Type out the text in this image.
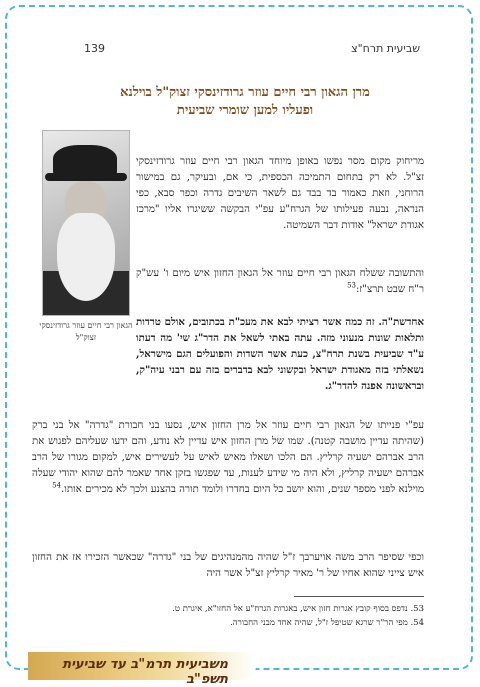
שביעית תרח"צ
139
מרן הגאון רבי חיים עוזר גרודזינסקי זצוק"ל בוילנא
ופעליו למען שומרי שביעית
הגאון רבי חיים עוזר גרודזינסקי זצוק"ל

מריחוק מקום מסר נפשו באופן מיוחד הגאון רבי חיים עוזר גרודזינסקי זצ"ל. לא רק בתחום התמיכה הכספית, כי אם, ובעיקר, גם במישור הרוחני, וזאת כאמור בד בבד גם לשאר השיבים גדרה וכפר סבא, כפי הנראה, נבעה פעילותו של הגרח"ע עפ"י הבקשה ששיגרו אליו "מרכז אגודת ישראל" אודות דבר השמיטה.

והתשובה ששלח הגאון רבי חיים עוזר אל הגאון החזון איש מיום ו' עש"ק ר"ח שבט תרצ"ז:$^{53}$

אחדשת"ה. זה כמה אשר רציתי לבא את מעכ"ת בכתובים, אולם טרדות ותלאות שונות מנעוני מזה. עתה באתי לשאל את הדר"ג שי' מה דעתו ע"ד שביעית בשנת תרח"צ, כעת אשר השדות והפועלים הגם מישראל, נשאלתי בזה מאגודת ישראל ובקשוני לבא בדברים בזה עם רבני עיה"ק, ובראשונה אפנה להדר"ג.

עפ"י פנייתו של הגאון רבי חיים עוזר אל מרן החזון איש, נסעו בני חבורת "גדרה" אל בני ברק (שהיתה עדיין מושבה קטנה). שמו של מרן החזון איש עדיין לא נודע, והם ידעו שעליהם לפגוש את הרב אברהם ישעיה קרליץ. הם הלכו ושאלו מאיש לאיש על לעשירים איש, למקום מגורו של הרב אברהם ישעיה קרליץ, ולא היה מי שידע לענות, עד שפגשו בזקן אחד שאמר להם שהוא יהודי שעלה מוילנא לפני מספר שנים, והוא יושב כל היום בחדרו ולומד תורה בהצנע ולכך לא מכירים אותו.$^{54}$

וכפי שסיפר הרב משה אויערבך ז"ל שהיה מהמנהיגים של בני "גדרה" שכאשר הזכירו אז את החזון איש צייני שהוא אחיו של ר' מאיר קרליץ זצ"ל אשר היה

53. נדפס בסוף קובץ אגרות חזון איש, באגרות הגרח"ע אל החזו"א, איגרת ט.
54. מפי הר"ר שרגא שטיפל ז"ל, שהיה אחד מבני החבורה.
משביעית תרמ"ב עד שביעית תשפ"ב
